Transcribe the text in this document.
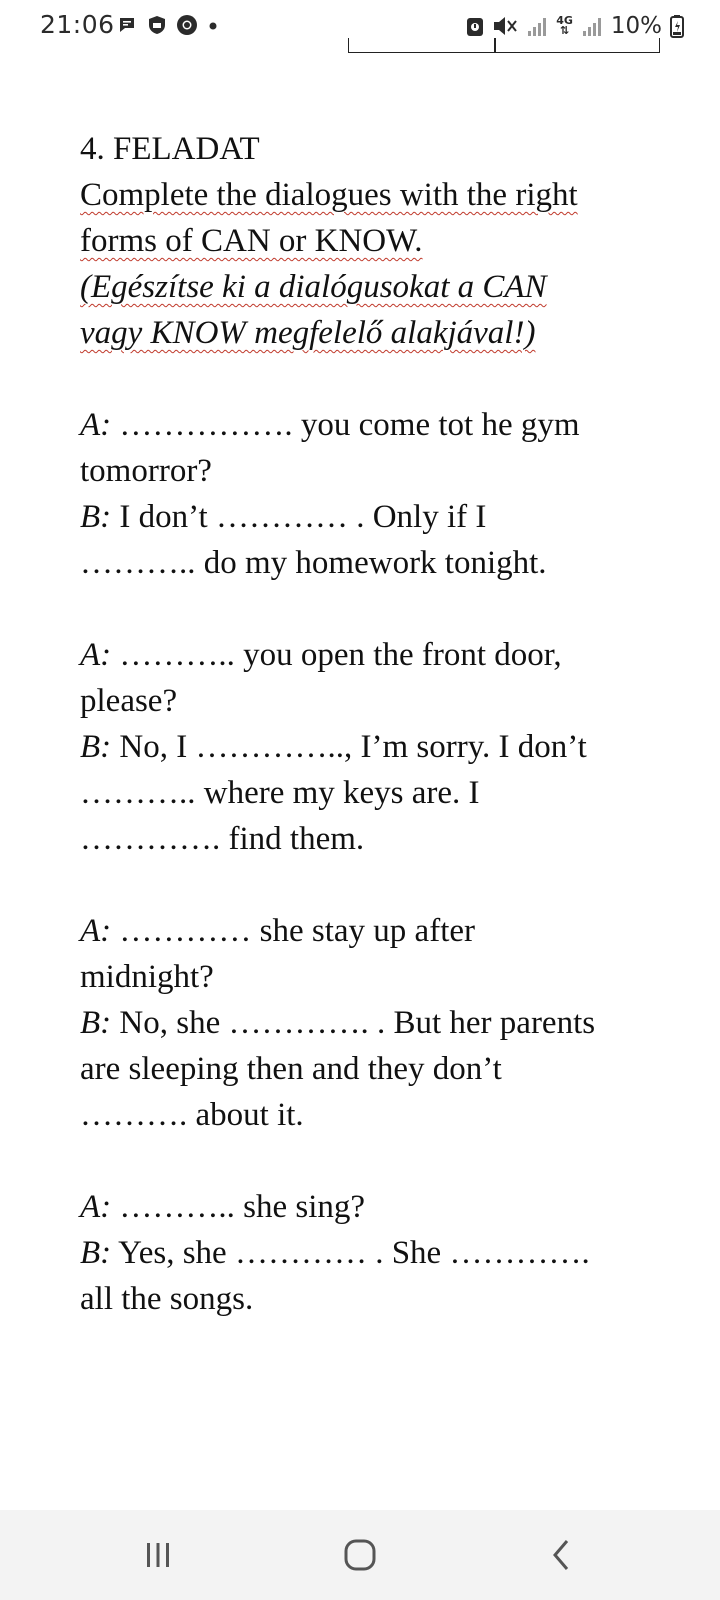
21:06	4G
⇅ 10%

4. FELADAT

Complete the dialogues with the right

forms of CAN or KNOW.

(Egészítse ki a dialógusokat a CAN

vagy KNOW megfelelő alakjával!)

A: ……………. you come tot he gym

tomorror?

B: I don’t ………… . Only if I

……….. do my homework tonight.

A: ……….. you open the front door,

please?

B: No, I ………….., I’m sorry. I don’t

……….. where my keys are. I

…………. find them.

A: ………… she stay up after

midnight?

B: No, she …………. . But her parents

are sleeping then and they don’t

………. about it.

A: ……….. she sing?

B: Yes, she ………… . She ………….

all the songs.
